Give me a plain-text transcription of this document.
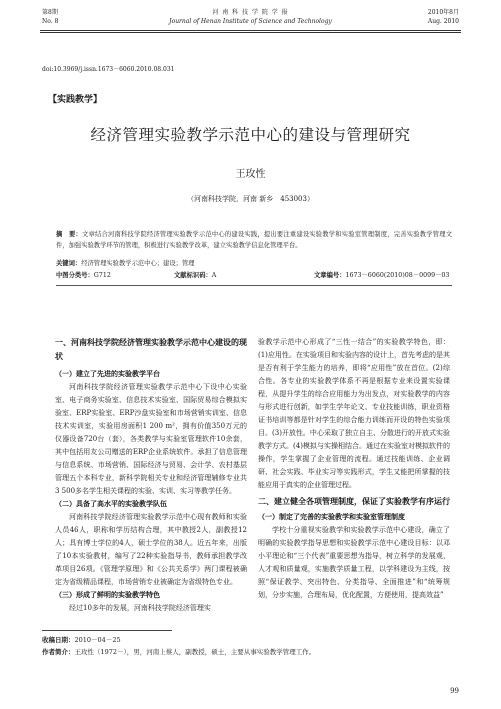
第8期
No. 8
河 南 科 技 学 院 学 报
Journal of Henan Institute of Science and Technology
2010年8月
Aug. 2010
doi:10.3969/j.issn.1673－6060.2010.08.031
【实践教学】
经济管理实验教学示范中心的建设与管理研究
王玫性
（河南科技学院，河南 新乡　453003）
摘　要：文章结合河南科技学院经济管理实验教学示范中心的建设实践，提出要注重建设实验教学和实验室管理制度，完善实验教学管理文件，加强实验教学环节的管理，积极进行实验教学改革，建立实验教学信息化管理平台。
关键词：经济管理实验教学示范中心；建设；管理
中图分类号：G712	文献标识码：A	文章编号：1673－6060(2010)08－0099－03
一、河南科技学院经济管理实验教学示范中心建设的现状
（一）建立了先进的实验教学平台

河南科技学院经济管理实验教学示范中心下设中心实验室、电子商务实验室、信息技术实验室、国际贸易综合模拟实验室、ERP实验室、ERP沙盘实验室和市场营销实训室、信息技术实训室，实验用房面积1 200 m²，拥有价值350万元的仪器设备720台（套），各类教学与实验室管理软件10余套，其中包括用友公司赠送的ERP企业系统软件。承担了信息管理与信息系统、市场营销、国际经济与贸易、会计学、农村基层管理五个本科专业，新科学院相关专业和经济管理辅修专业共3 500多名学生相关课程的实验、实训、实习等教学任务。

（二）具备了高水平的实验教学队伍

河南科技学院经济管理实验教学示范中心现有教师和实验人员46人，职称和学历结构合理，其中教授2人，副教授12人；具有博士学位的4人，硕士学位的38人。近五年来，出版了10本实验教材，编写了22种实验指导书，教师承担教学改革项目26项。《管理学原理》和《公共关系学》两门课程被确定为省级精品课程，市场营销专业被确定为省级特色专业。

（三）形成了鲜明的实验教学特色

经过10多年的发展，河南科技学院经济管理实

验教学示范中心形成了“三性一结合”的实验教学特色，即：(1)应用性。在实验项目和实验内容的设计上，首先考虑的是其是否有利于学生能力的培养，即将“应用性”放在首位。(2)综合性。各专业的实验教学体系不再是根据专业来设置实验课程，从提升学生的综合应用能力为出发点，对实验教学的内容与形式进行创新，如学生学年论文、专业技能训练，职业资格证书培训等都是针对学生的综合能力训练而开设的特色实验项目。(3)开放性。中心采取了独立自主、分散进行的开放式实验教学方式。(4)模拟与实操相结合。通过在实验室对模拟软件的操作，学生掌握了企业管理的流程。通过技能训练、企业调研、社会实践、毕业实习等实践形式，学生又能把所掌握的技能应用于真实的企业管理过程。

二、建立健全各项管理制度，保证了实验教学有序运行
（一）制定了完善的实验教学和实验室管理制度

学校十分重视实验教学和实验教学示范中心建设，确立了明确的实验教学指导思想和实验教学示范中心建设目标：以邓小平理论和“三个代表”重要思想为指导，树立科学的发展观，人才观和质量观，实施教学质量工程，以学科建设为主线，按照“保证教学、突出特色、分类指导、全面推进”和“统筹规划，分步实施，合理布局，优化配置，方便使用，提高效益”

收稿日期：2010－04－25
作者简介：王玫性（1972－），男，河南上蔡人，副教授，硕士，主要从事实验教学管理工作。
99
